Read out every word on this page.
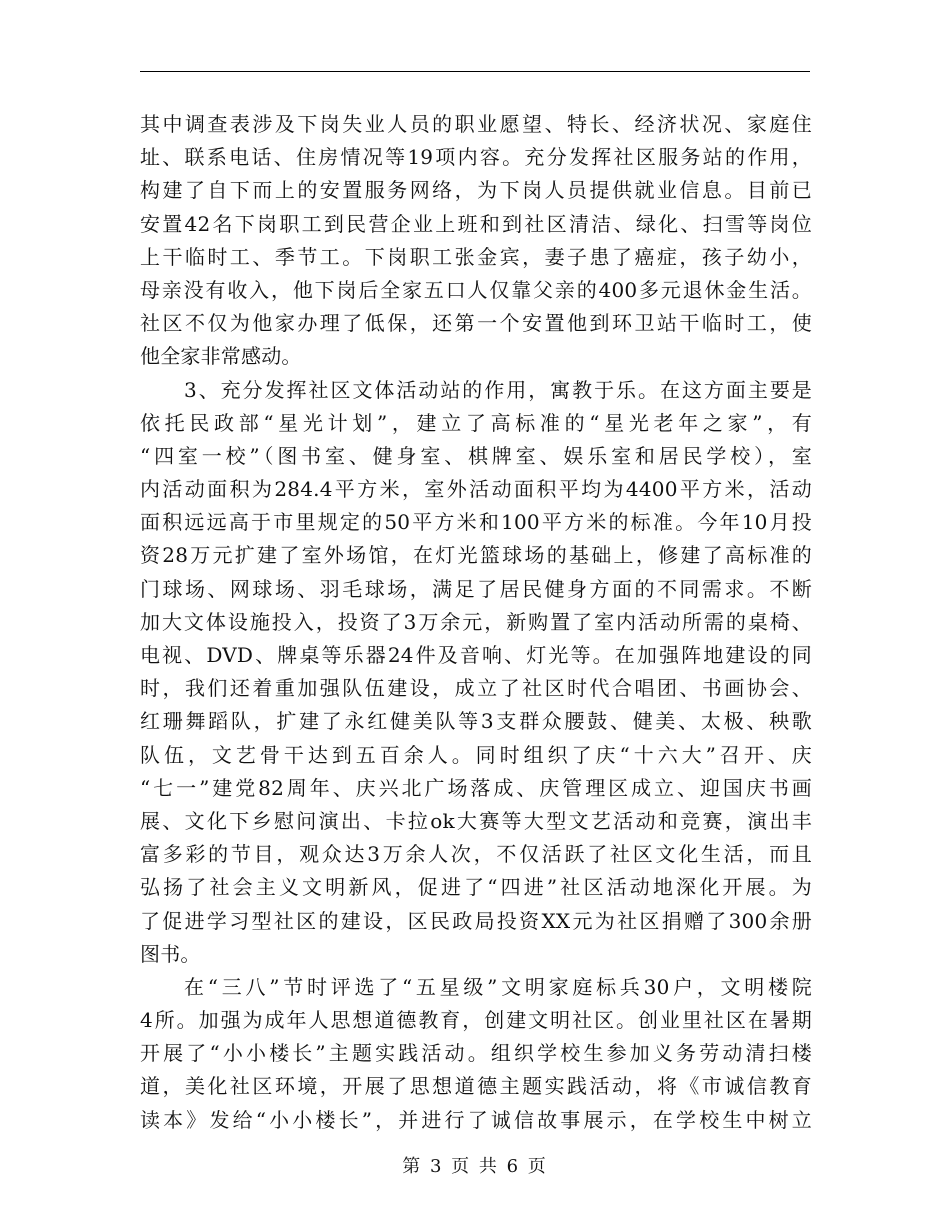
其中调查表涉及下岗失业人员的职业愿望、特长、经济状况、家庭住
址、联系电话、住房情况等19项内容。充分发挥社区服务站的作用，
构建了自下而上的安置服务网络，为下岗人员提供就业信息。目前已
安置42名下岗职工到民营企业上班和到社区清洁、绿化、扫雪等岗位
上干临时工、季节工。下岗职工张金宾，妻子患了癌症，孩子幼小，
母亲没有收入，他下岗后全家五口人仅靠父亲的400多元退休金生活。
社区不仅为他家办理了低保，还第一个安置他到环卫站干临时工，使
他全家非常感动。
3、充分发挥社区文体活动站的作用，寓教于乐。在这方面主要是
依托民政部“星光计划”，建立了高标准的“星光老年之家”，有
“四室一校”（图书室、健身室、棋牌室、娱乐室和居民学校），室
内活动面积为284.4平方米，室外活动面积平均为4400平方米，活动
面积远远高于市里规定的50平方米和100平方米的标准。今年10月投
资28万元扩建了室外场馆，在灯光篮球场的基础上，修建了高标准的
门球场、网球场、羽毛球场，满足了居民健身方面的不同需求。不断
加大文体设施投入，投资了3万余元，新购置了室内活动所需的桌椅、
电视、DVD、牌桌等乐器24件及音响、灯光等。在加强阵地建设的同
时，我们还着重加强队伍建设，成立了社区时代合唱团、书画协会、
红珊舞蹈队，扩建了永红健美队等3支群众腰鼓、健美、太极、秧歌
队伍，文艺骨干达到五百余人。同时组织了庆“十六大”召开、庆
“七一”建党82周年、庆兴北广场落成、庆管理区成立、迎国庆书画
展、文化下乡慰问演出、卡拉ok大赛等大型文艺活动和竞赛，演出丰
富多彩的节目，观众达3万余人次，不仅活跃了社区文化生活，而且
弘扬了社会主义文明新风，促进了“四进”社区活动地深化开展。为
了促进学习型社区的建设，区民政局投资XX元为社区捐赠了300余册
图书。
在“三八”节时评选了“五星级”文明家庭标兵30户，文明楼院
4所。加强为成年人思想道德教育，创建文明社区。创业里社区在暑期
开展了“小小楼长”主题实践活动。组织学校生参加义务劳动清扫楼
道，美化社区环境，开展了思想道德主题实践活动，将《市诚信教育
读本》发给“小小楼长”，并进行了诚信故事展示，在学校生中树立
第 3 页 共 6 页
